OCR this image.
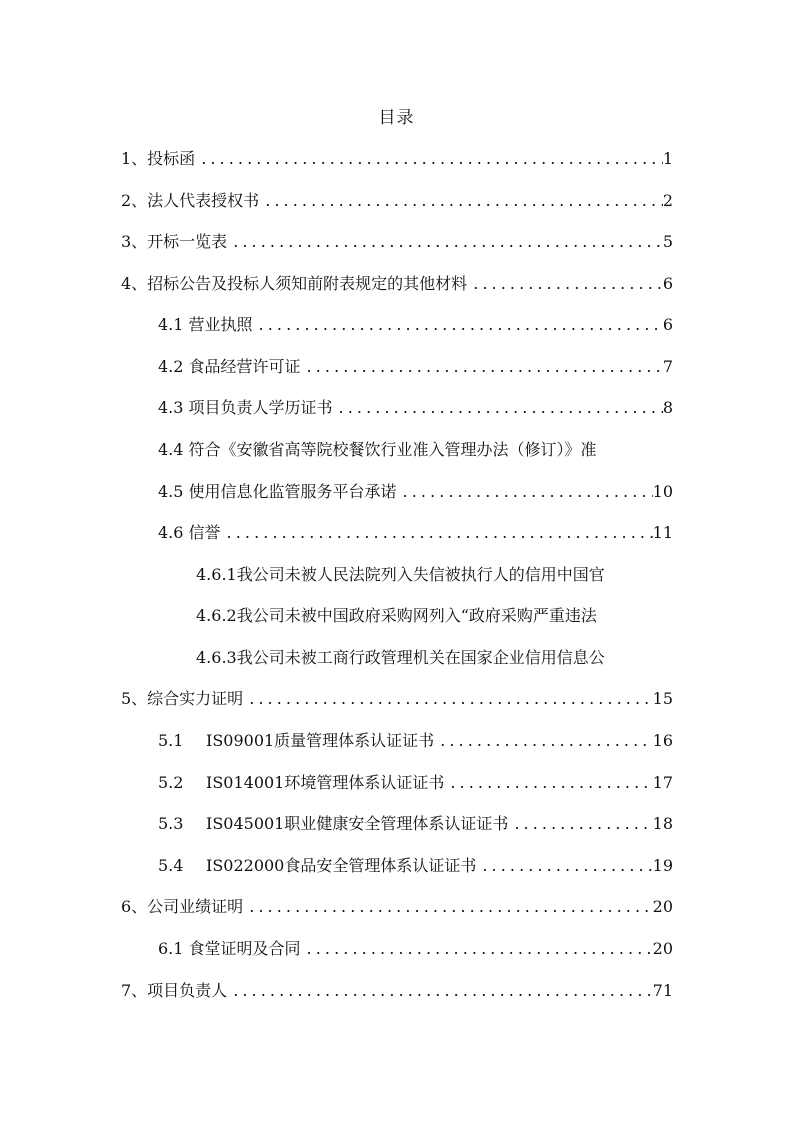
目录
1、投标函 .....	1
2、法人代表授权书 .....	2
3、开标一览表 .....	5
4、招标公告及投标人须知前附表规定的其他材料 .....	6
4.1 营业执照 .....	6
4.2 食品经营许可证 .....	7
4.3 项目负责人学历证书 .....	8
4.4 符合《安徽省高等院校餐饮行业准入管理办法（修订）》准
4.5 使用信息化监管服务平台承诺 .....	10
4.6 信誉 .....	11
4.6.1我公司未被人民法院列入失信被执行人的信用中国官
4.6.2我公司未被中国政府采购网列入“政府采购严重违法
4.6.3我公司未被工商行政管理机关在国家企业信用信息公
5、综合实力证明 .....	15
5.1 IS09001质量管理体系认证证书 .....	16
5.2 IS014001环境管理体系认证证书 .....	17
5.3 IS045001职业健康安全管理体系认证证书 .....	18
5.4 IS022000食品安全管理体系认证证书 .....	19
6、公司业绩证明 .....	20
6.1 食堂证明及合同 .....	20
7、项目负责人 .....	71
